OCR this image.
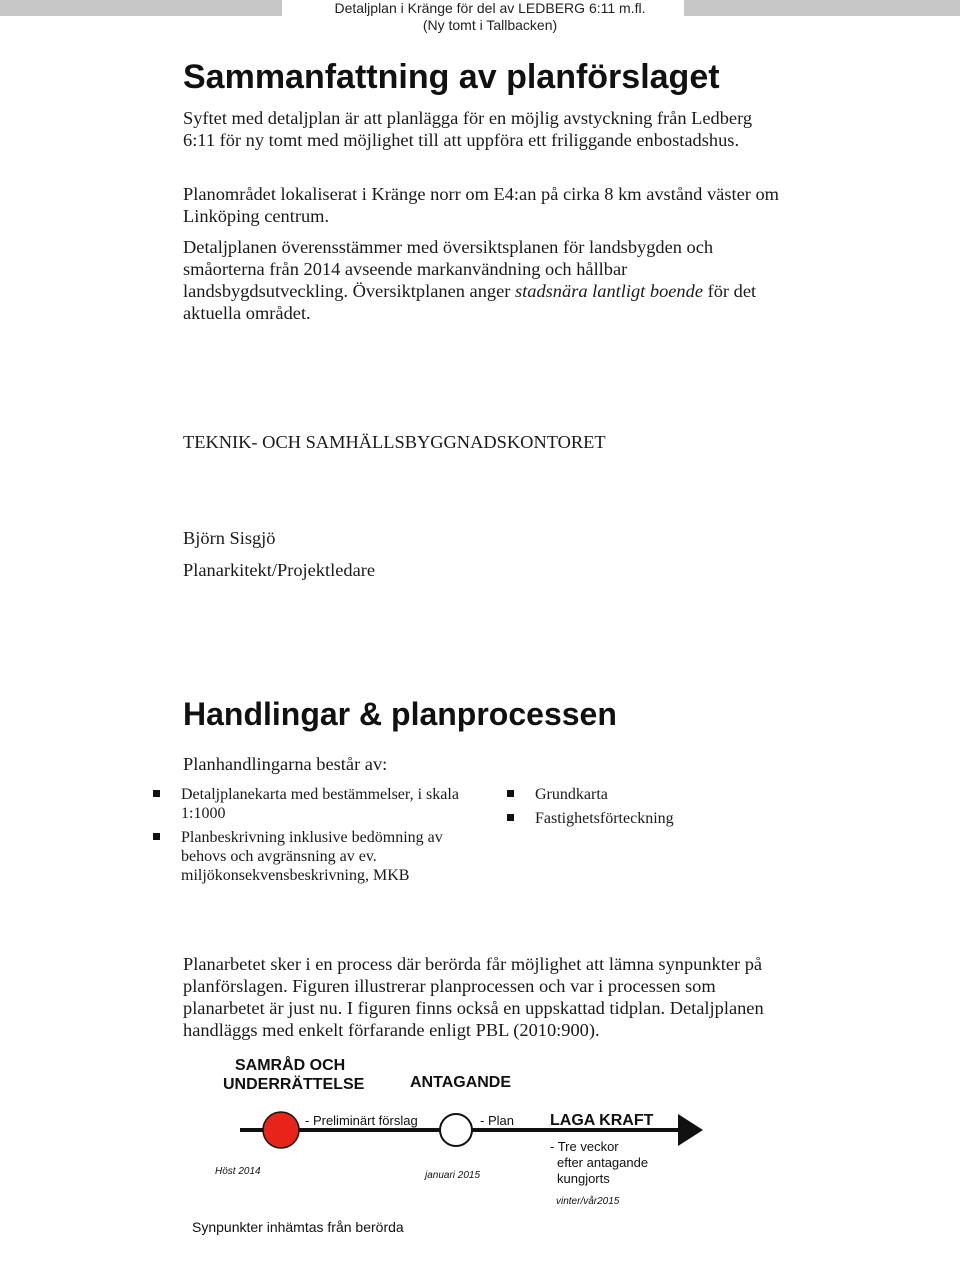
Detaljplan i Kränge för del av LEDBERG 6:11 m.fl.
(Ny tomt i Tallbacken)
Sammanfattning av planförslaget

Syftet med detaljplan är att planlägga för en möjlig avstyckning från Ledberg 6:11 för ny tomt med möjlighet till att uppföra ett friliggande enbostadshus.

Planområdet lokaliserat i Kränge norr om E4:an på cirka 8 km avstånd väster om Linköping centrum.

Detaljplanen överensstämmer med översiktsplanen för landsbygden och småorterna från 2014 avseende markanvändning och hållbar landsbygdsutveckling. Översiktplanen anger stadsnära lantligt boende för det aktuella området.

TEKNIK- OCH SAMHÄLLSBYGGNADSKONTORET

Björn Sisgjö

Planarkitekt/Projektledare

Handlingar & planprocessen

Planhandlingarna består av:

Detaljplanekarta med bestämmelser, i skala 1:1000
Planbeskrivning inklusive bedömning av behovs och avgränsning av ev. miljökonsekvensbeskrivning, MKB
Grundkarta
Fastighetsförteckning

Planarbetet sker i en process där berörda får möjlighet att lämna synpunkter på planförslagen. Figuren illustrerar planprocessen och var i processen som planarbetet är just nu. I figuren finns också en uppskattad tidplan. Detaljplanen handläggs med enkelt förfarande enligt PBL (2010:900).

SAMRÅD OCH
UNDERRÄTTELSE	ANTAGANDE
LAGA KRAFT
- Preliminärt förslag	- Plan
- Tre veckor
efter antagande
kungjorts
Höst 2014	januari 2015
vinter/vår2015
Synpunkter inhämtas från berörda
